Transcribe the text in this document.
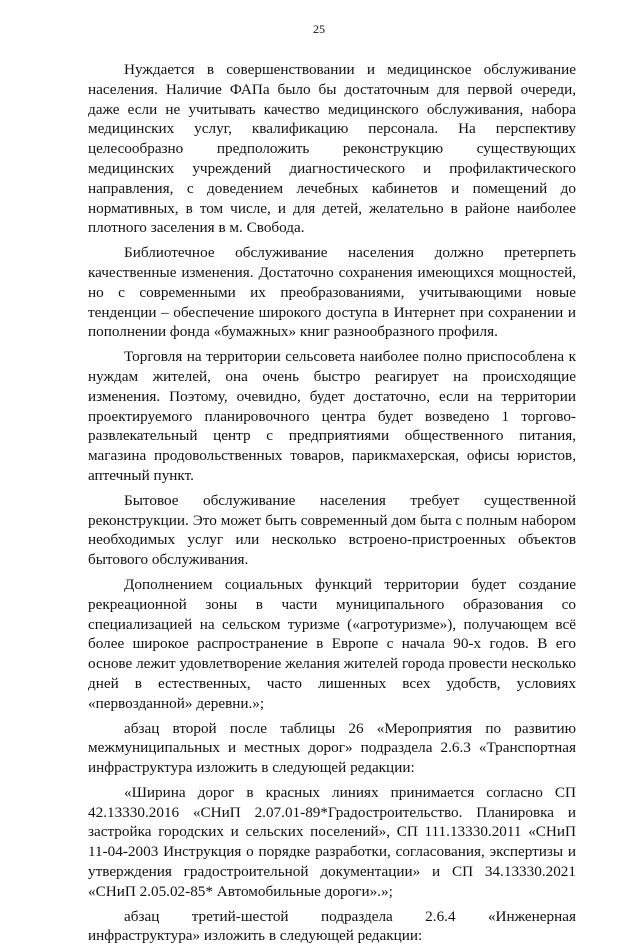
25

Нуждается в совершенствовании и медицинское обслуживание населения. Наличие ФАПа было бы достаточным для первой очереди, даже если не учитывать качество медицинского обслуживания, набора медицинских услуг, квалификацию персонала. На перспективу целесообразно предположить реконструкцию существующих медицинских учреждений диагностического и профилактического направления, с доведением лечебных кабинетов и помещений до нормативных, в том числе, и для детей, желательно в районе наиболее плотного заселения в м. Свобода.

Библиотечное обслуживание населения должно претерпеть качественные изменения. Достаточно сохранения имеющихся мощностей, но с современными их преобразованиями, учитывающими новые тенденции – обеспечение широкого доступа в Интернет при сохранении и пополнении фонда «бумажных» книг разнообразного профиля.

Торговля на территории сельсовета наиболее полно приспособлена к нуждам жителей, она очень быстро реагирует на происходящие изменения. Поэтому, очевидно, будет достаточно, если на территории проектируемого планировочного центра будет возведено 1 торгово-развлекательный центр с предприятиями общественного питания, магазина продовольственных товаров, парикмахерская, офисы юристов, аптечный пункт.

Бытовое обслуживание населения требует существенной реконструкции. Это может быть современный дом быта с полным набором необходимых услуг или несколько встроено-пристроенных объектов бытового обслуживания.

Дополнением социальных функций территории будет создание рекреационной зоны в части муниципального образования со специализацией на сельском туризме («агротуризме»), получающем всё более широкое распространение в Европе с начала 90-х годов. В его основе лежит удовлетворение желания жителей города провести несколько дней в естественных, часто лишенных всех удобств, условиях «первозданной» деревни.»;

абзац второй после таблицы 26 «Мероприятия по развитию межмуниципальных и местных дорог» подраздела 2.6.3 «Транспортная инфраструктура изложить в следующей редакции:

«Ширина дорог в красных линиях принимается согласно СП 42.13330.2016 «СНиП 2.07.01-89*Градостроительство. Планировка и застройка городских и сельских поселений», СП 111.13330.2011 «СНиП 11-04-2003 Инструкция о порядке разработки, согласования, экспертизы и утверждения градостроительной документации» и СП 34.13330.2021 «СНиП 2.05.02-85* Автомобильные дороги».»;

абзац третий-шестой подраздела 2.6.4 «Инженерная инфраструктура» изложить в следующей редакции:
